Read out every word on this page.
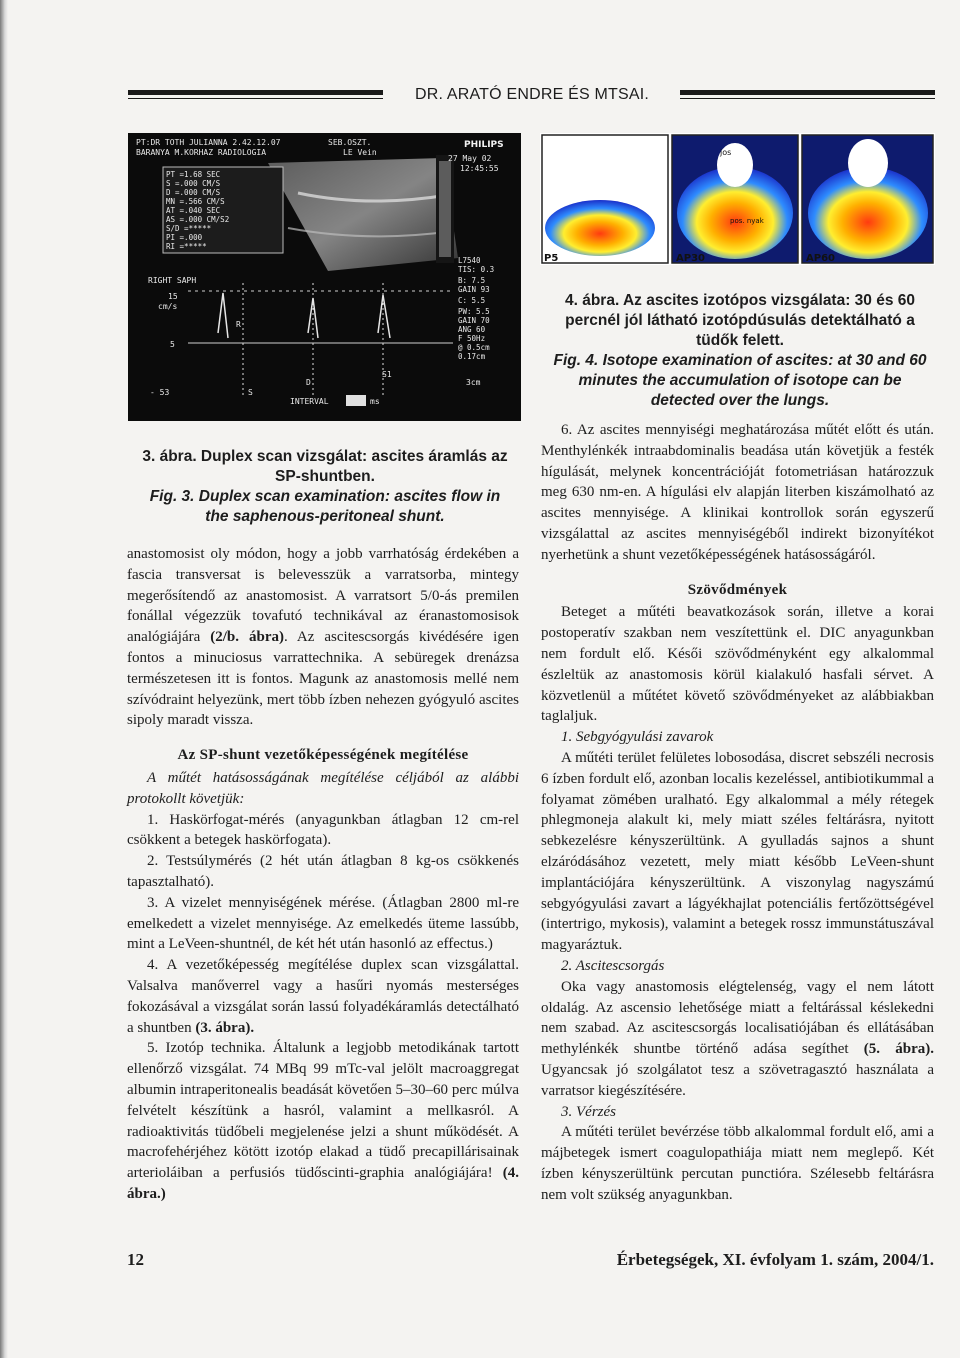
DR. ARATÓ ENDRE ÉS MTSAI.
PT:DR TOTH JULIANNA 2.42.12.07
BARANYA M.KORHAZ RADIOLOGIA
SEB.OSZT.
LE Vein
PHILIPS
27 May 02
12:45:55
PT =1.68 SEC
S =.000 CM/S
D =.000 CM/S
MN =.566 CM/S
AT =.040 SEC
AS =.000 CM/S2
S/D =*****
PI =.000
RI =*****
RIGHT SAPH
15
cm/s
5
- 53
R
D
S
S1
INTERVAL	ms
L7540
TIS: 0.3
B: 7.5
GAIN 93
C: 5.5
PW: 5.5
GAIN 70
ANG 60
F 50Hz
@ 0.5cm
0.17cm
3cm
P5
jos
pos. nyak
AP30	AP60
4. ábra. Az ascites izotópos vizsgálata: 30 és 60 percnél jól látható izotópdúsulás detektálható a tüdők felett.
Fig. 4. Isotope examination of ascites: at 30 and 60 minutes the accumulation of isotope can be detected over the lungs.
3. ábra. Duplex scan vizsgálat: ascites áramlás az SP-shuntben.
Fig. 3. Duplex scan examination: ascites flow in the saphenous-peritoneal shunt.

anastomosist oly módon, hogy a jobb varrhatóság érdekében a fascia transversat is belevesszük a varratsorba, mintegy megerősítendő az anastomosist. A varratsort 5/0-ás premilen fonállal végezzük tovafutó technikával az éranastomosisok analógiájára (2/b. ábra). Az ascitescsorgás kivédésére igen fontos a minuciosus varrattechnika. A sebüregek drenázsa természetesen itt is fontos. Magunk az anastomosis mellé nem szívódraint helyezünk, mert több ízben nehezen gyógyuló ascites sipoly maradt vissza.

Az SP-shunt vezetőképességének megítélése

A műtét hatásosságának megítélése céljából az alábbi protokollt követjük:

1. Haskörfogat-mérés (anyagunkban átlagban 12 cm-rel csökkent a betegek haskörfogata).

2. Testsúlymérés (2 hét után átlagban 8 kg-os csökkenés tapasztalható).

3. A vizelet mennyiségének mérése. (Átlagban 2800 ml-re emelkedett a vizelet mennyisége. Az emelkedés üteme lassúbb, mint a LeVeen-shuntnél, de két hét után hasonló az effectus.)

4. A vezetőképesség megítélése duplex scan vizsgálattal. Valsalva manőverrel vagy a hasűri nyomás mesterséges fokozásával a vizsgálat során lassú folyadékáramlás detectálható a shuntben (3. ábra).

5. Izotóp technika. Általunk a legjobb metodikának tartott ellenőrző vizsgálat. 74 MBq 99 mTc-val jelölt macroaggregat albumin intraperitonealis beadását követően 5–30–60 perc múlva felvételt készítünk a hasról, valamint a mellkasról. A radioaktivitás tüdőbeli megjelenése jelzi a shunt működését. A macrofehérjéhez kötött izotóp elakad a tüdő precapillárisainak arterioláiban a perfusiós tüdőscinti-graphia analógiájára! (4. ábra.)

6. Az ascites mennyiségi meghatározása műtét előtt és után. Menthylénkék intraabdominalis beadása után követjük a festék hígulását, melynek koncentrációját fotometriásan határozzuk meg 630 nm-en. A hígulási elv alapján literben kiszámolható az ascites mennyisége. A klinikai kontrollok során egyszerű vizsgálattal az ascites mennyiségéből indirekt bizonyítékot nyerhetünk a shunt vezetőképességének hatásosságáról.

Szövődmények

Beteget a műtéti beavatkozások során, illetve a korai postoperatív szakban nem veszítettünk el. DIC anyagunkban nem fordult elő. Késői szövődményként egy alkalommal észleltük az anastomosis körül kialakuló hasfali sérvet. A közvetlenül a műtétet követő szövődményeket az alábbiakban taglaljuk.

1. Sebgyógyulási zavarok

A műtéti terület felületes lobosodása, discret sebszéli necrosis 6 ízben fordult elő, azonban localis kezeléssel, antibiotikummal a folyamat zömében uralható. Egy alkalommal a mély rétegek phlegmoneja alakult ki, mely miatt széles feltárásra, nyitott sebkezelésre kényszerültünk. A gyulladás sajnos a shunt elzáródásához vezetett, mely miatt később LeVeen-shunt implantációjára kényszerültünk. A viszonylag nagyszámú sebgyógyulási zavart a lágyékhajlat potenciális fertőzöttségével (intertrigo, mykosis), valamint a betegek rossz immunstátuszával magyaráztuk.

2. Ascitescsorgás

Oka vagy anastomosis elégtelenség, vagy el nem látott oldalág. Az ascensio lehetősége miatt a feltárással késlekedni nem szabad. Az ascitescsorgás localisatiójában és ellátásában methylénkék shuntbe történő adása segíthet (5. ábra). Ugyancsak jó szolgálatot tesz a szövetragasztó használata a varratsor kiegészítésére.

3. Vérzés

A műtéti terület bevérzése több alkalommal fordult elő, ami a májbetegek ismert coagulopathiája miatt nem meglepő. Két ízben kényszerültünk percutan punctióra. Szélesebb feltárásra nem volt szükség anyagunkban.

12	Érbetegségek, XI. évfolyam 1. szám, 2004/1.
